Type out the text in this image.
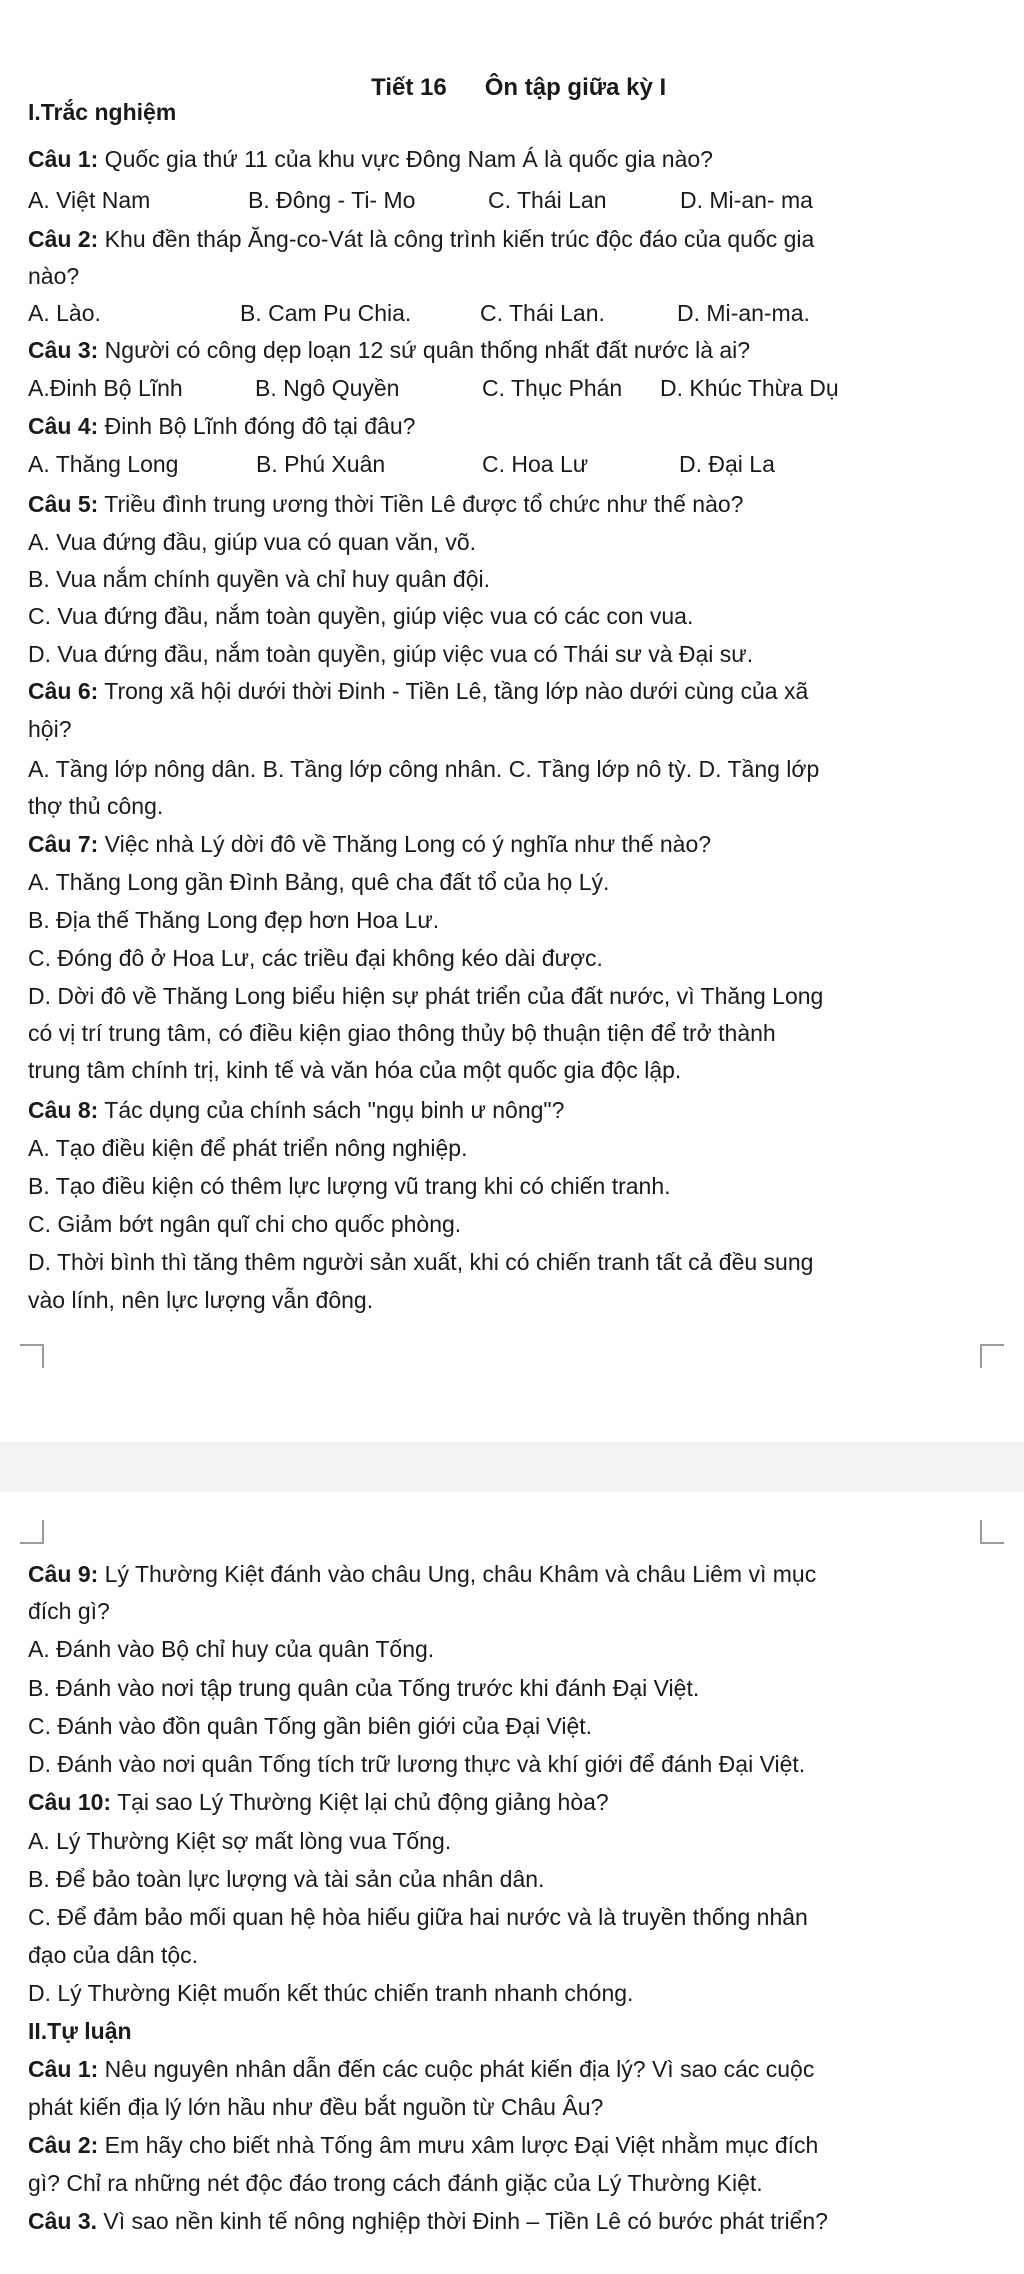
Tiết 16 Ôn tập giữa kỳ I

I.Trắc nghiệm
Câu 1: Quốc gia thứ 11 của khu vực Đông Nam Á là quốc gia nào?
A. Việt Nam	B. Đông - Ti- Mo	C. Thái Lan	D. Mi-an- ma
Câu 2: Khu đền tháp Ăng-co-Vát là công trình kiến trúc độc đáo của quốc gia
nào?
A. Lào.	B. Cam Pu Chia.	C. Thái Lan.	D. Mi-an-ma.
Câu 3: Người có công dẹp loạn 12 sứ quân thống nhất đất nước là ai?
A.Đinh Bộ Lĩnh	B. Ngô Quyền	C. Thục Phán D. Khúc Thừa Dụ
Câu 4: Đinh Bộ Lĩnh đóng đô tại đâu?
A. Thăng Long	B. Phú Xuân	C. Hoa Lư	D. Đại La
Câu 5: Triều đình trung ương thời Tiền Lê được tổ chức như thế nào?
A. Vua đứng đầu, giúp vua có quan văn, võ.
B. Vua nắm chính quyền và chỉ huy quân đội.
C. Vua đứng đầu, nắm toàn quyền, giúp việc vua có các con vua.
D. Vua đứng đầu, nắm toàn quyền, giúp việc vua có Thái sư và Đại sư.
Câu 6: Trong xã hội dưới thời Đinh - Tiền Lê, tầng lớp nào dưới cùng của xã
hội?
A. Tầng lớp nông dân. B. Tầng lớp công nhân. C. Tầng lớp nô tỳ. D. Tầng lớp
thợ thủ công.
Câu 7: Việc nhà Lý dời đô về Thăng Long có ý nghĩa như thế nào?
A. Thăng Long gần Đình Bảng, quê cha đất tổ của họ Lý.
B. Địa thế Thăng Long đẹp hơn Hoa Lư.
C. Đóng đô ở Hoa Lư, các triều đại không kéo dài được.
D. Dời đô về Thăng Long biểu hiện sự phát triển của đất nước, vì Thăng Long
có vị trí trung tâm, có điều kiện giao thông thủy bộ thuận tiện để trở thành
trung tâm chính trị, kinh tế và văn hóa của một quốc gia độc lập.
Câu 8: Tác dụng của chính sách "ngụ binh ư nông"?
A. Tạo điều kiện để phát triển nông nghiệp.
B. Tạo điều kiện có thêm lực lượng vũ trang khi có chiến tranh.
C. Giảm bớt ngân quĩ chi cho quốc phòng.
D. Thời bình thì tăng thêm người sản xuất, khi có chiến tranh tất cả đều sung
vào lính, nên lực lượng vẫn đông.
Câu 9: Lý Thường Kiệt đánh vào châu Ung, châu Khâm và châu Liêm vì mục
đích gì?
A. Đánh vào Bộ chỉ huy của quân Tống.
B. Đánh vào nơi tập trung quân của Tống trước khi đánh Đại Việt.
C. Đánh vào đồn quân Tống gần biên giới của Đại Việt.
D. Đánh vào nơi quân Tống tích trữ lương thực và khí giới để đánh Đại Việt.
Câu 10: Tại sao Lý Thường Kiệt lại chủ động giảng hòa?
A. Lý Thường Kiệt sợ mất lòng vua Tống.
B. Để bảo toàn lực lượng và tài sản của nhân dân.
C. Để đảm bảo mối quan hệ hòa hiếu giữa hai nước và là truyền thống nhân
đạo của dân tộc.
D. Lý Thường Kiệt muốn kết thúc chiến tranh nhanh chóng.
II.Tự luận
Câu 1: Nêu nguyên nhân dẫn đến các cuộc phát kiến địa lý? Vì sao các cuộc
phát kiến địa lý lớn hầu như đều bắt nguồn từ Châu Âu?
Câu 2: Em hãy cho biết nhà Tống âm mưu xâm lược Đại Việt nhằm mục đích
gì? Chỉ ra những nét độc đáo trong cách đánh giặc của Lý Thường Kiệt.
Câu 3. Vì sao nền kinh tế nông nghiệp thời Đinh – Tiền Lê có bước phát triển?
